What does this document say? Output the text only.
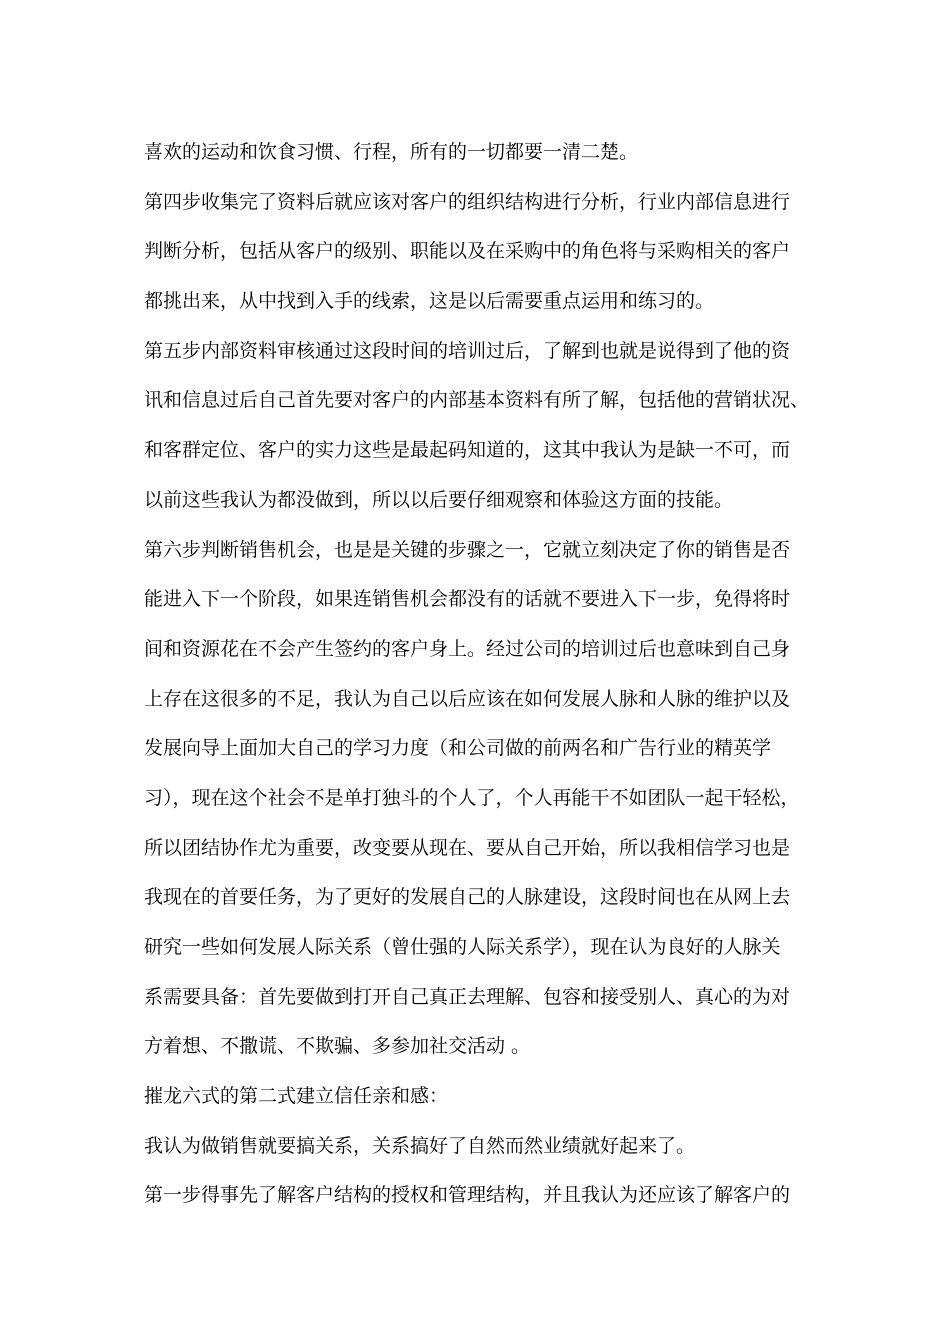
喜欢的运动和饮食习惯、行程，所有的一切都要一清二楚。
第四步收集完了资料后就应该对客户的组织结构进行分析，行业内部信息进行
判断分析，包括从客户的级别、职能以及在采购中的角色将与采购相关的客户
都挑出来，从中找到入手的线索，这是以后需要重点运用和练习的。
第五步内部资料审核通过这段时间的培训过后，了解到也就是说得到了他的资
讯和信息过后自己首先要对客户的内部基本资料有所了解，包括他的营销状况、
和客群定位、客户的实力这些是最起码知道的，这其中我认为是缺一不可，而
以前这些我认为都没做到，所以以后要仔细观察和体验这方面的技能。
第六步判断销售机会，也是是关键的步骤之一，它就立刻决定了你的销售是否
能进入下一个阶段，如果连销售机会都没有的话就不要进入下一步，免得将时
间和资源花在不会产生签约的客户身上。经过公司的培训过后也意味到自己身
上存在这很多的不足，我认为自己以后应该在如何发展人脉和人脉的维护以及
发展向导上面加大自己的学习力度（和公司做的前两名和广告行业的精英学
习），现在这个社会不是单打独斗的个人了，个人再能干不如团队一起干轻松，
所以团结协作尤为重要，改变要从现在、要从自己开始，所以我相信学习也是
我现在的首要任务，为了更好的发展自己的人脉建设，这段时间也在从网上去
研究一些如何发展人际关系（曾仕强的人际关系学），现在认为良好的人脉关
系需要具备：首先要做到打开自己真正去理解、包容和接受别人、真心的为对
方着想、不撒谎、不欺骗、多参加社交活动 。
摧龙六式的第二式建立信任亲和感：
我认为做销售就要搞关系，关系搞好了自然而然业绩就好起来了。
第一步得事先了解客户结构的授权和管理结构，并且我认为还应该了解客户的
